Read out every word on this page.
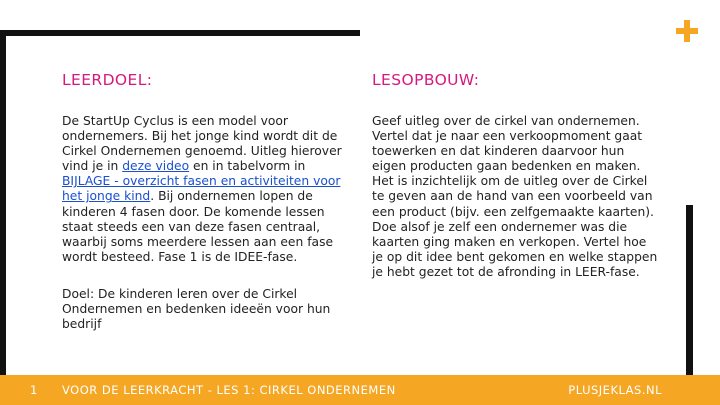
LEERDOEL:
De StartUp Cyclus is een model voor ondernemers. Bij het jonge kind wordt dit de Cirkel Ondernemen genoemd. Uitleg hierover vind je in deze video en in tabelvorm in BIJLAGE - overzicht fasen en activiteiten voor het jonge kind. Bij ondernemen lopen de kinderen 4 fasen door. De komende lessen staat steeds een van deze fasen centraal, waarbij soms meerdere lessen aan een fase wordt besteed. Fase 1 is de IDEE-fase.
Doel: De kinderen leren over de Cirkel Ondernemen en bedenken ideeën voor hun bedrijf
LESOPBOUW:
Geef uitleg over de cirkel van ondernemen. Vertel dat je naar een verkoopmoment gaat toewerken en dat kinderen daarvoor hun eigen producten gaan bedenken en maken. Het is inzichtelijk om de uitleg over de Cirkel te geven aan de hand van een voorbeeld van een product (bijv. een zelfgemaakte kaarten). Doe alsof je zelf een ondernemer was die kaarten ging maken en verkopen. Vertel hoe je op dit idee bent gekomen en welke stappen je hebt gezet tot de afronding in LEER-fase.
1 VOOR DE LEERKRACHT - LES 1: CIRKEL ONDERNEMEN	PLUSJEKLAS.NL
